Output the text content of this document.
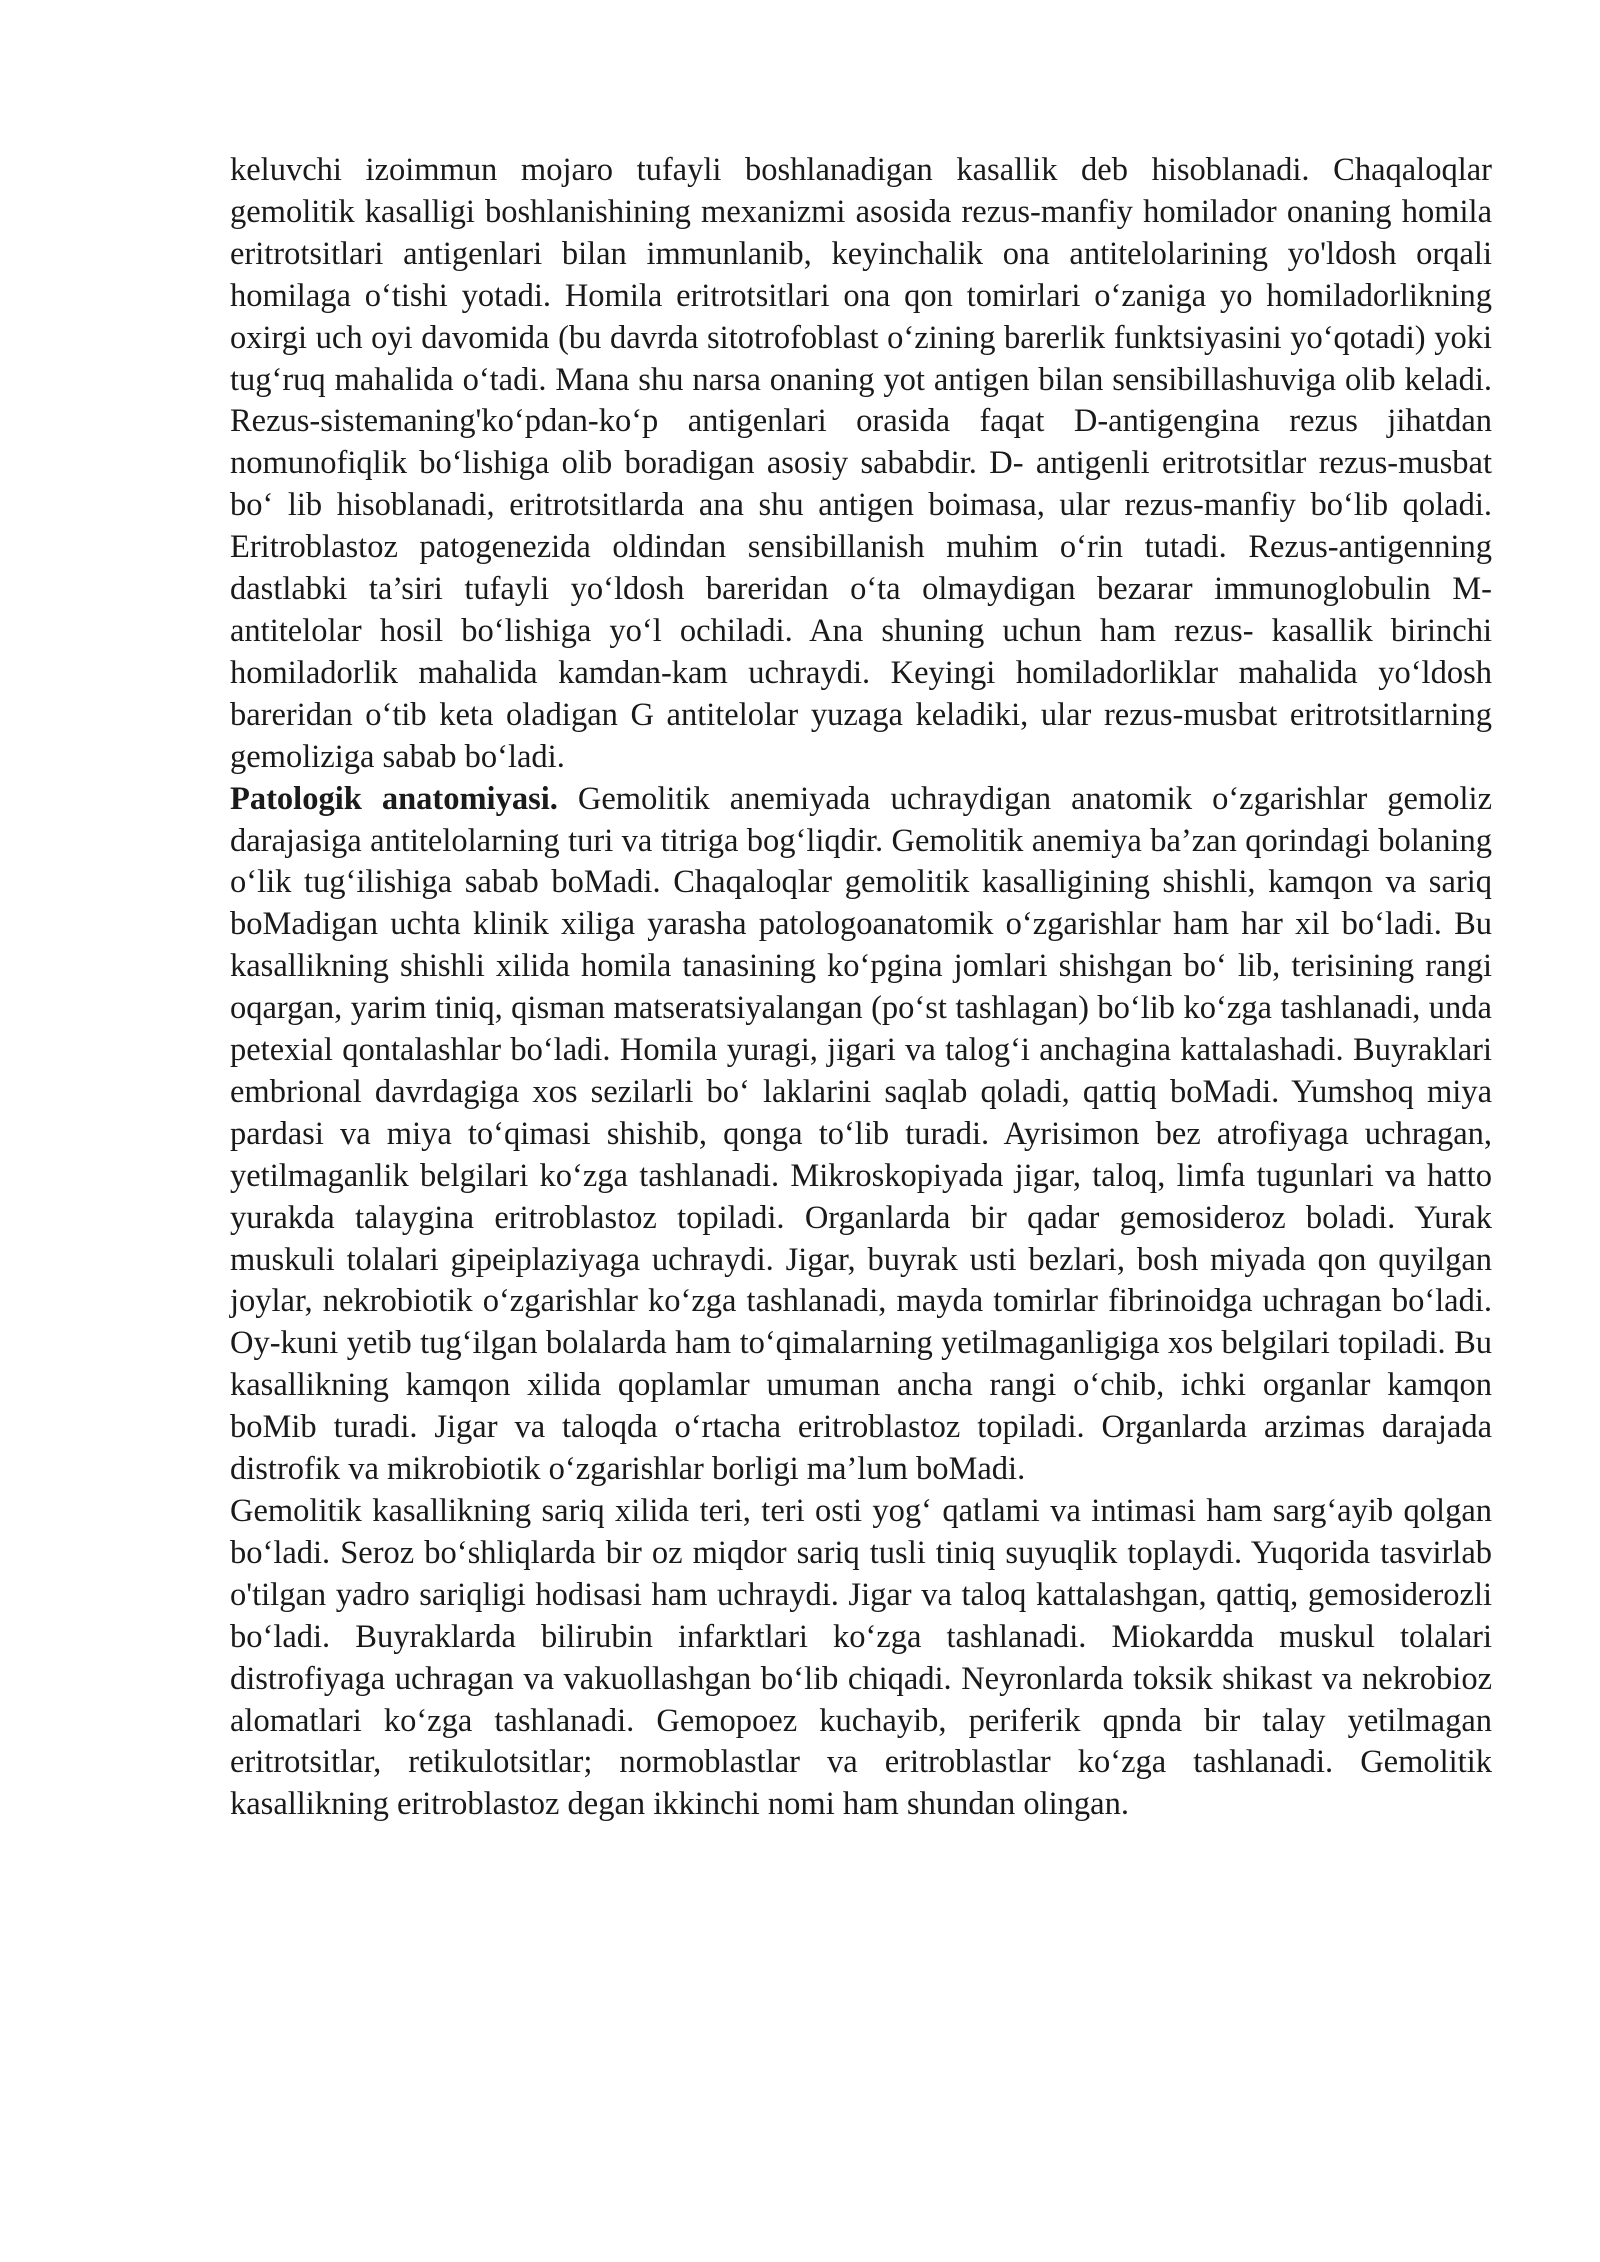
keluvchi izoimmun mojaro tufayli boshlanadigan kasallik deb hisoblanadi. Chaqaloqlar gemolitik kasalligi boshlanishining mexanizmi asosida rezus-manfiy homilador onaning homila eritrotsitlari antigenlari bilan immunlanib, keyinchalik ona antitelolarining yo'ldosh orqali homilaga o‘tishi yotadi. Homila eritrotsitlari ona qon tomirlari o‘zaniga yo homiladorlikning oxirgi uch oyi davomida (bu davrda sitotrofoblast o‘zining barerlik funktsiyasini yo‘qotadi) yoki tug‘ruq mahalida o‘tadi. Mana shu narsa onaning yot antigen bilan sensibillashuviga olib keladi. Rezus-sistemaning'ko‘pdan-ko‘p antigenlari orasida faqat D-antigengina rezus jihatdan nomunofiqlik bo‘lishiga olib boradigan asosiy sababdir. D- antigenli eritrotsitlar rezus-musbat bo‘ lib hisoblanadi, eritrotsitlarda ana shu antigen boimasa, ular rezus-manfiy bo‘lib qoladi. Eritroblastoz patogenezida oldindan sensibillanish muhim o‘rin tutadi. Rezus-antigenning dastlabki ta’siri tufayli yo‘ldosh bareridan o‘ta olmaydigan bezarar immunoglobulin M-antitelolar hosil bo‘lishiga yo‘l ochiladi. Ana shuning uchun ham rezus- kasallik birinchi homiladorlik mahalida kamdan-kam uchraydi. Keyingi homiladorliklar mahalida yo‘ldosh bareridan o‘tib keta oladigan G antitelolar yuzaga keladiki, ular rezus-musbat eritrotsitlarning gemoliziga sabab bo‘ladi.

Patologik anatomiyasi. Gemolitik anemiyada uchraydigan anatomik o‘zgarishlar gemoliz darajasiga antitelolarning turi va titriga bog‘liqdir. Gemolitik anemiya ba’zan qorindagi bolaning o‘lik tug‘ilishiga sabab boMadi. Chaqaloqlar gemolitik kasalligining shishli, kamqon va sariq boMadigan uchta klinik xiliga yarasha patologoanatomik o‘zgarishlar ham har xil bo‘ladi. Bu kasallikning shishli xilida homila tanasining ko‘pgina jomlari shishgan bo‘ lib, terisining rangi oqargan, yarim tiniq, qisman matseratsiyalangan (po‘st tashlagan) bo‘lib ko‘zga tashlanadi, unda petexial qontalashlar bo‘ladi. Homila yuragi, jigari va talog‘i anchagina kattalashadi. Buyraklari embrional davrdagiga xos sezilarli bo‘ laklarini saqlab qoladi, qattiq boMadi. Yumshoq miya pardasi va miya to‘qimasi shishib, qonga to‘lib turadi. Ayrisimon bez atrofiyaga uchragan, yetilmaganlik belgilari ko‘zga tashlanadi. Mikroskopiyada jigar, taloq, limfa tugunlari va hatto yurakda talaygina eritroblastoz topiladi. Organlarda bir qadar gemosideroz boladi. Yurak muskuli tolalari gipeiplaziyaga uchraydi. Jigar, buyrak usti bezlari, bosh miyada qon quyilgan joylar, nekrobiotik o‘zgarishlar ko‘zga tashlanadi, mayda tomirlar fibrinoidga uchragan bo‘ladi. Oy-kuni yetib tug‘ilgan bolalarda ham to‘qimalarning yetilmaganligiga xos belgilari topiladi. Bu kasallikning kamqon xilida qoplamlar umuman ancha rangi o‘chib, ichki organlar kamqon boMib turadi. Jigar va taloqda o‘rtacha eritroblastoz topiladi. Organlarda arzimas darajada distrofik va mikrobiotik o‘zgarishlar borligi ma’lum boMadi.

Gemolitik kasallikning sariq xilida teri, teri osti yog‘ qatlami va intimasi ham sarg‘ayib qolgan bo‘ladi. Seroz bo‘shliqlarda bir oz miqdor sariq tusli tiniq suyuqlik toplaydi. Yuqorida tasvirlab o'tilgan yadro sariqligi hodisasi ham uchraydi. Jigar va taloq kattalashgan, qattiq, gemosiderozli bo‘ladi. Buyraklarda bilirubin infarktlari ko‘zga tashlanadi. Miokardda muskul tolalari distrofiyaga uchragan va vakuollashgan bo‘lib chiqadi. Neyronlarda toksik shikast va nekrobioz alomatlari ko‘zga tashlanadi. Gemopoez kuchayib, periferik qpnda bir talay yetilmagan eritrotsitlar, retikulotsitlar; normoblastlar va eritroblastlar ko‘zga tashlanadi. Gemolitik kasallikning eritroblastoz degan ikkinchi nomi ham shundan olingan.
